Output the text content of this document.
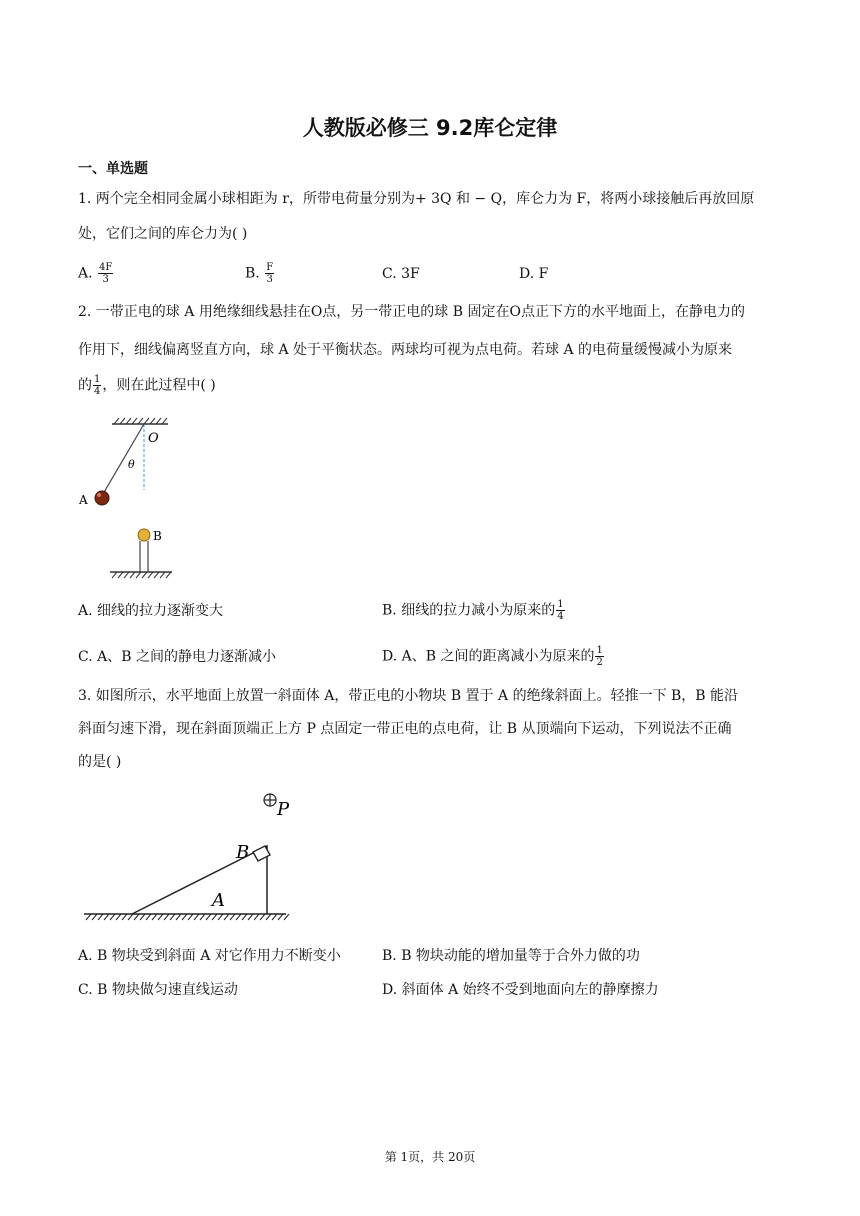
人教版必修三 9.2库仑定律
一、单选题
1. 两个完全相同金属小球相距为 r，所带电荷量分别为+ 3Q 和 − Q，库仑力为 F，将两小球接触后再放回原
处，它们之间的库仑力为( )
A. $\frac{4F}{3}$	B. $\frac{F}{3}$	C. 3F	D. F
2. 一带正电的球 A 用绝缘细线悬挂在O点，另一带正电的球 B 固定在O点正下方的水平地面上，在静电力的
作用下，细线偏离竖直方向，球 A 处于平衡状态。两球均可视为点电荷。若球 A 的电荷量缓慢减小为原来
的 $\frac{1}{4}$ ，则在此过程中( )
O
θ
A
B
A. 细线的拉力逐渐变大	B. 细线的拉力减小为原来的 $\frac{1}{4}$
C. A、B 之间的静电力逐渐减小	D. A、B 之间的距离减小为原来的 $\frac{1}{2}$
3. 如图所示，水平地面上放置一斜面体 A，带正电的小物块 B 置于 A 的绝缘斜面上。轻推一下 B，B 能沿
斜面匀速下滑，现在斜面顶端正上方 P 点固定一带正电的点电荷，让 B 从顶端向下运动，下列说法不正确
的是( )
P
B
A
A. B 物块受到斜面 A 对它作用力不断变小	B. B 物块动能的增加量等于合外力做的功
C. B 物块做匀速直线运动	D. 斜面体 A 始终不受到地面向左的静摩擦力
第 1页，共 20页
